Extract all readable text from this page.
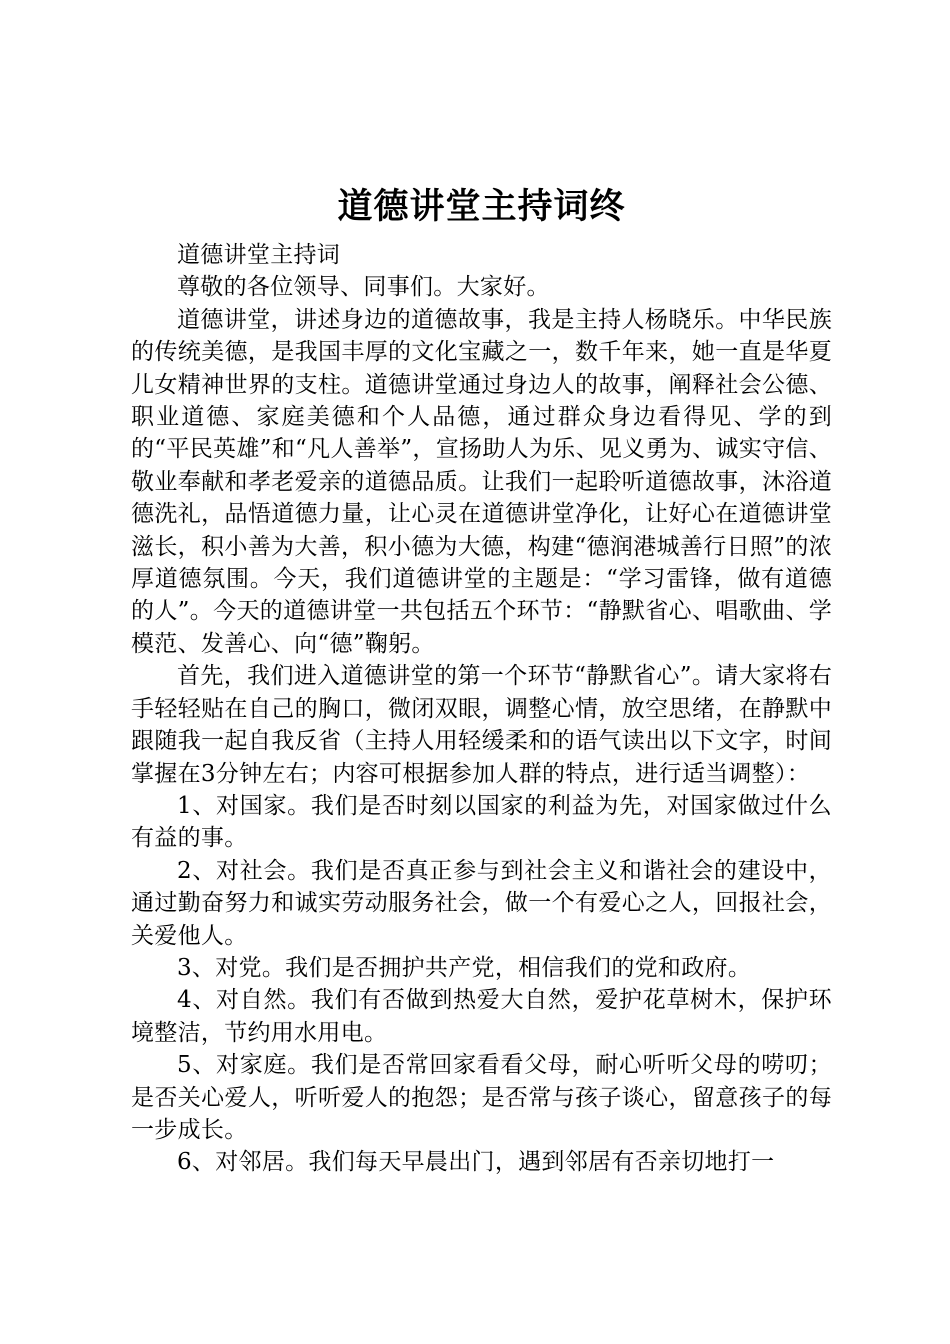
道德讲堂主持词终

道德讲堂主持词

尊敬的各位领导、同事们。大家好。

道德讲堂，讲述身边的道德故事，我是主持人杨晓乐。中华民族的传统美德，是我国丰厚的文化宝藏之一，数千年来，她一直是华夏儿女精神世界的支柱。道德讲堂通过身边人的故事，阐释社会公德、职业道德、家庭美德和个人品德，通过群众身边看得见、学的到的“平民英雄”和“凡人善举”，宣扬助人为乐、见义勇为、诚实守信、敬业奉献和孝老爱亲的道德品质。让我们一起聆听道德故事，沐浴道德洗礼，品悟道德力量，让心灵在道德讲堂净化，让好心在道德讲堂滋长，积小善为大善，积小德为大德，构建“德润港城善行日照”的浓厚道德氛围。今天，我们道德讲堂的主题是：“学习雷锋，做有道德的人”。今天的道德讲堂一共包括五个环节：“静默省心、唱歌曲、学模范、发善心、向“德”鞠躬。

首先，我们进入道德讲堂的第一个环节“静默省心”。请大家将右手轻轻贴在自己的胸口，微闭双眼，调整心情，放空思绪，在静默中跟随我一起自我反省（主持人用轻缓柔和的语气读出以下文字，时间掌握在3分钟左右；内容可根据参加人群的特点，进行适当调整）：

1、对国家。我们是否时刻以国家的利益为先，对国家做过什么有益的事。

2、对社会。我们是否真正参与到社会主义和谐社会的建设中，通过勤奋努力和诚实劳动服务社会，做一个有爱心之人，回报社会，关爱他人。

3、对党。我们是否拥护共产党，相信我们的党和政府。

4、对自然。我们有否做到热爱大自然，爱护花草树木，保护环境整洁，节约用水用电。

5、对家庭。我们是否常回家看看父母，耐心听听父母的唠叨；是否关心爱人，听听爱人的抱怨；是否常与孩子谈心，留意孩子的每一步成长。

6、对邻居。我们每天早晨出门，遇到邻居有否亲切地打一
